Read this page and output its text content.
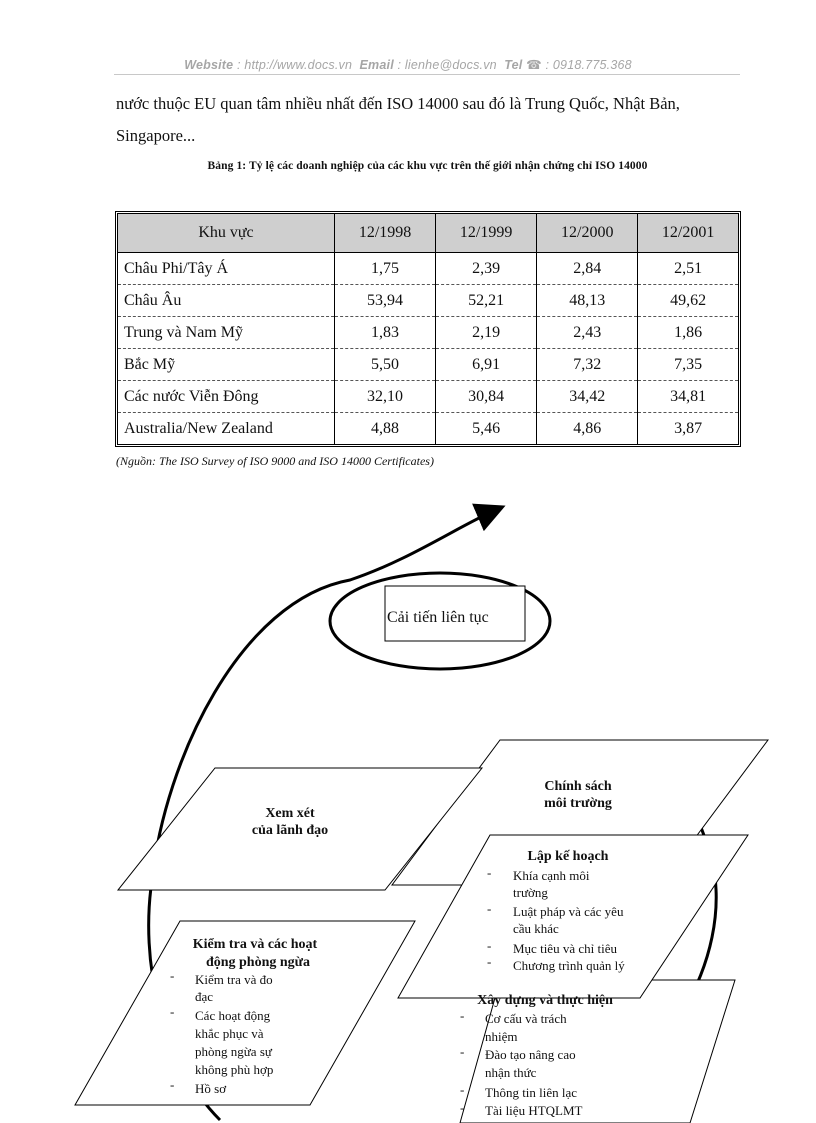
Website : http://www.docs.vn Email : lienhe@docs.vn Tel ☎ : 0918.775.368
nước thuộc EU quan tâm nhiều nhất đến ISO 14000 sau đó là Trung Quốc, Nhật Bản,
Singapore...
Bảng 1: Tỷ lệ các doanh nghiệp của các khu vực trên thế giới nhận chứng chỉ ISO 14000
Khu vực	12/1998	12/1999	12/2000	12/2001
Châu Phi/Tây Á	1,75	2,39	2,84	2,51
Châu Âu	53,94	52,21	48,13	49,62
Trung và Nam Mỹ	1,83	2,19	2,43	1,86
Bắc Mỹ	5,50	6,91	7,32	7,35
Các nước Viễn Đông	32,10	30,84	34,42	34,81
Australia/New Zealand	4,88	5,46	4,86	3,87
(Nguồn: The ISO Survey of ISO 9000 and ISO 14000 Certificates)
Cải tiến liên tục
Chính sách
môi trường
Xem xét
của lãnh đạo
Lập kế hoạch
- Khía cạnh môi
trường
- Luật pháp và các yêu
cầu khác
- Mục tiêu và chỉ tiêu
- Chương trình quản lý
Xây dựng và thực hiện
- Cơ cấu và trách
nhiệm
- Đào tạo nâng cao
nhận thức
- Thông tin liên lạc
- Tài liệu HTQLMT
Kiểm tra và các hoạt
động phòng ngừa
- Kiểm tra và đo
đạc
- Các hoạt động
khắc phục và
phòng ngừa sự
không phù hợp
- Hồ sơ
